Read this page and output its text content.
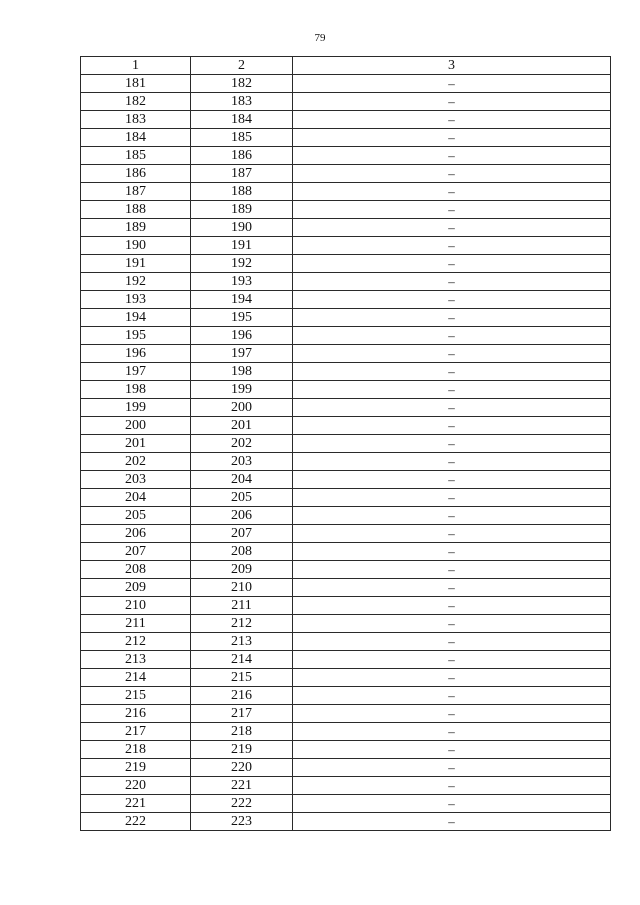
79
1	2	3
181	182	–
182	183	–
183	184	–
184	185	–
185	186	–
186	187	–
187	188	–
188	189	–
189	190	–
190	191	–
191	192	–
192	193	–
193	194	–
194	195	–
195	196	–
196	197	–
197	198	–
198	199	–
199	200	–
200	201	–
201	202	–
202	203	–
203	204	–
204	205	–
205	206	–
206	207	–
207	208	–
208	209	–
209	210	–
210	211	–
211	212	–
212	213	–
213	214	–
214	215	–
215	216	–
216	217	–
217	218	–
218	219	–
219	220	–
220	221	–
221	222	–
222	223	–
